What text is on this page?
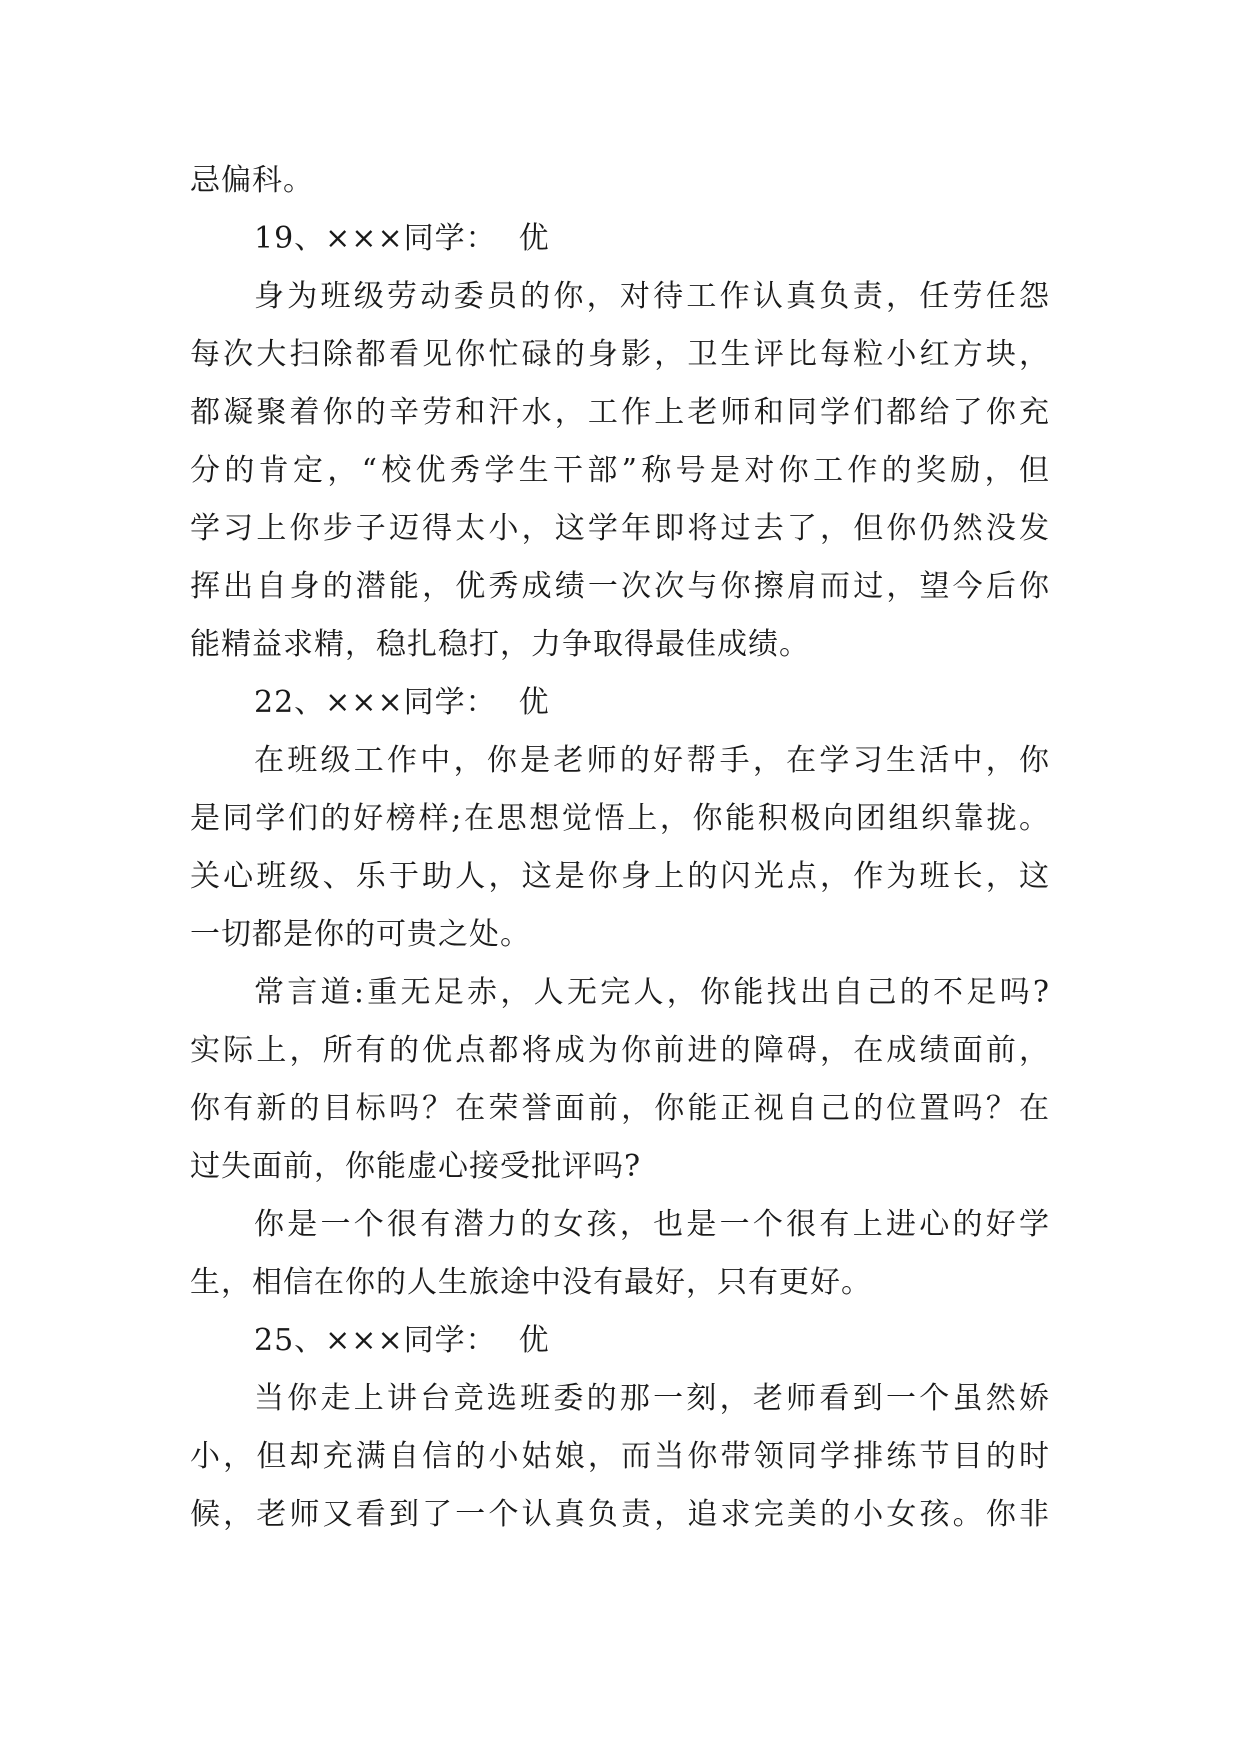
忌偏科。
19、×××同学： 优
身为班级劳动委员的你，对待工作认真负责，任劳任怨
每次大扫除都看见你忙碌的身影，卫生评比每粒小红方块，
都凝聚着你的辛劳和汗水，工作上老师和同学们都给了你充
分的肯定，“校优秀学生干部”称号是对你工作的奖励，但
学习上你步子迈得太小，这学年即将过去了，但你仍然没发
挥出自身的潜能，优秀成绩一次次与你擦肩而过，望今后你
能精益求精，稳扎稳打，力争取得最佳成绩。
22、×××同学： 优
在班级工作中，你是老师的好帮手，在学习生活中，你
是同学们的好榜样;在思想觉悟上，你能积极向团组织靠拢。
关心班级、乐于助人，这是你身上的闪光点，作为班长，这
一切都是你的可贵之处。
常言道:重无足赤，人无完人，你能找出自己的不足吗?
实际上，所有的优点都将成为你前进的障碍，在成绩面前，
你有新的目标吗？在荣誉面前，你能正视自己的位置吗？在
过失面前，你能虚心接受批评吗?
你是一个很有潜力的女孩，也是一个很有上进心的好学
生，相信在你的人生旅途中没有最好，只有更好。
25、×××同学： 优
当你走上讲台竞选班委的那一刻，老师看到一个虽然娇
小，但却充满自信的小姑娘，而当你带领同学排练节目的时
候，老师又看到了一个认真负责，追求完美的小女孩。你非
